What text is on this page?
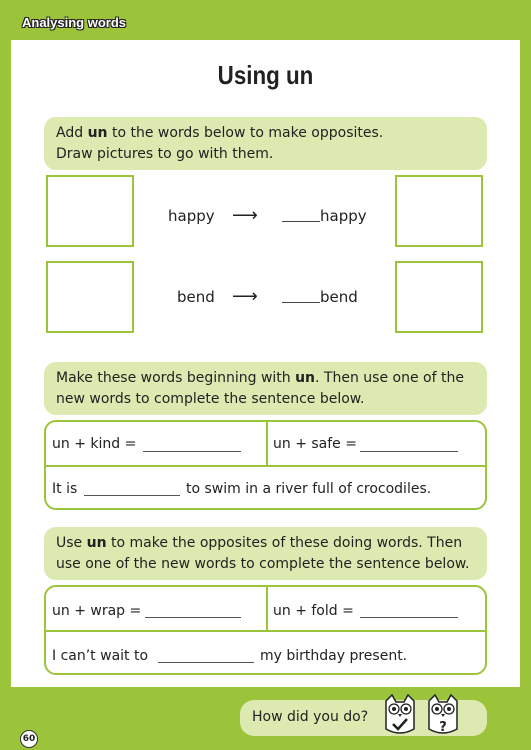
Analysing words
Using un
Add un to the words below to make opposites.
Draw pictures to go with them.
happy ⟶	happy
bend ⟶	bend
Make these words beginning with un. Then use one of the
new words to complete the sentence below.
un + kind =	un + safe =
It is	to swim in a river full of crocodiles.
Use un to make the opposites of these doing words. Then
use one of the new words to complete the sentence below.
un + wrap =	un + fold =
I can’t wait to	my birthday present.
How did you do?
?
60
